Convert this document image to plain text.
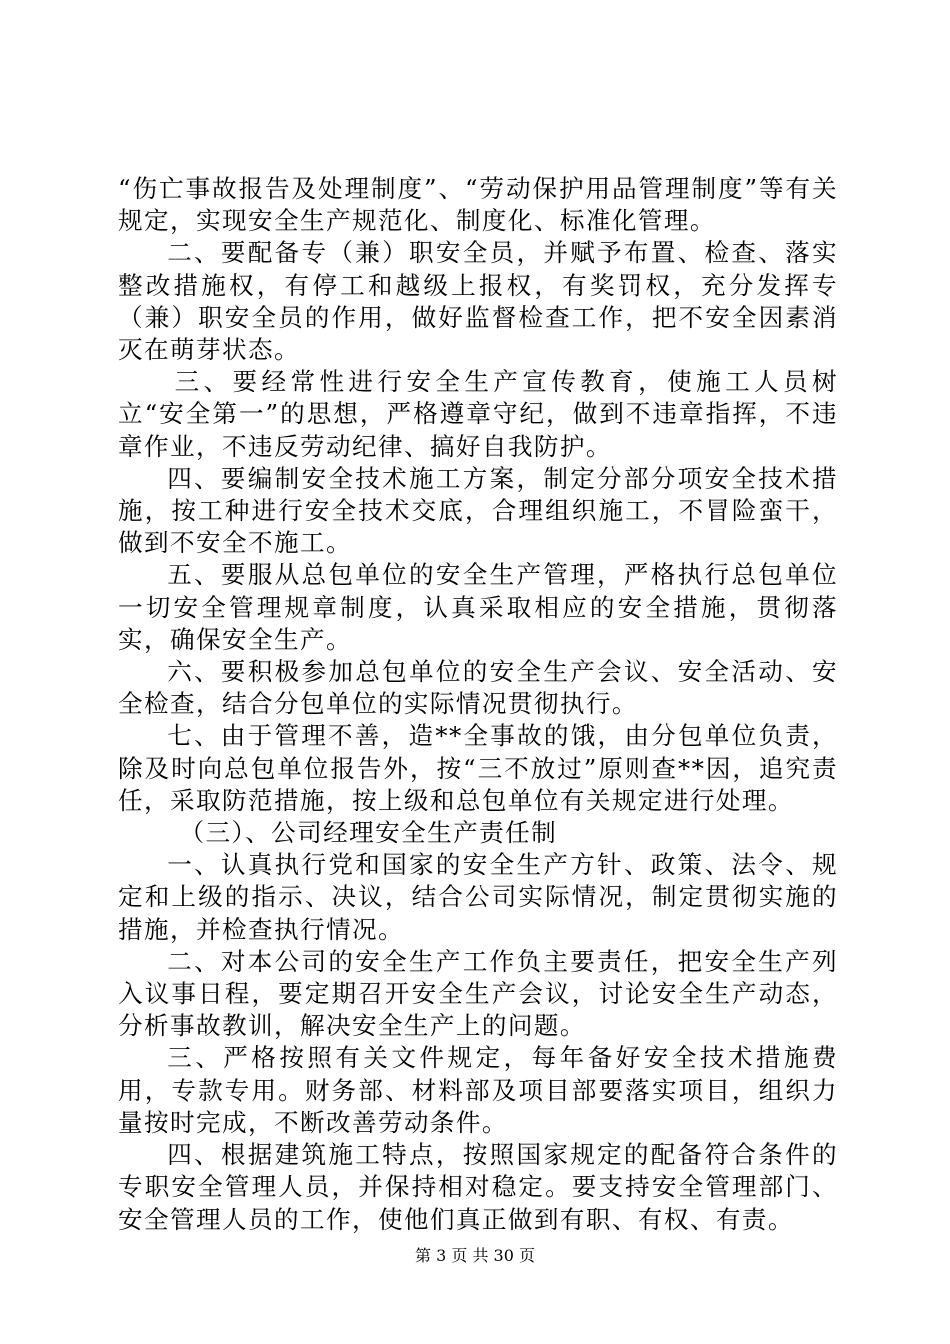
“伤亡事故报告及处理制度”、“劳动保护用品管理制度”等有关规定，实现安全生产规范化、制度化、标准化管理。

二、要配备专（兼）职安全员，并赋予布置、检查、落实整改措施权，有停工和越级上报权，有奖罚权，充分发挥专（兼）职安全员的作用，做好监督检查工作，把不安全因素消灭在萌芽状态。

三、要经常性进行安全生产宣传教育，使施工人员树立“安全第一”的思想，严格遵章守纪，做到不违章指挥，不违章作业，不违反劳动纪律、搞好自我防护。

四、要编制安全技术施工方案，制定分部分项安全技术措施，按工种进行安全技术交底，合理组织施工，不冒险蛮干，做到不安全不施工。

五、要服从总包单位的安全生产管理，严格执行总包单位一切安全管理规章制度，认真采取相应的安全措施，贯彻落实，确保安全生产。

六、要积极参加总包单位的安全生产会议、安全活动、安全检查，结合分包单位的实际情况贯彻执行。

七、由于管理不善，造**全事故的饿，由分包单位负责，除及时向总包单位报告外，按“三不放过”原则查**因，追究责任，采取防范措施，按上级和总包单位有关规定进行处理。

（三）、公司经理安全生产责任制

一、认真执行党和国家的安全生产方针、政策、法令、规定和上级的指示、决议，结合公司实际情况，制定贯彻实施的措施，并检查执行情况。

二、对本公司的安全生产工作负主要责任，把安全生产列入议事日程，要定期召开安全生产会议，讨论安全生产动态，分析事故教训，解决安全生产上的问题。

三、严格按照有关文件规定，每年备好安全技术措施费用，专款专用。财务部、材料部及项目部要落实项目，组织力量按时完成，不断改善劳动条件。

四、根据建筑施工特点，按照国家规定的配备符合条件的专职安全管理人员，并保持相对稳定。要支持安全管理部门、安全管理人员的工作，使他们真正做到有职、有权、有责。

第 3 页 共 30 页
